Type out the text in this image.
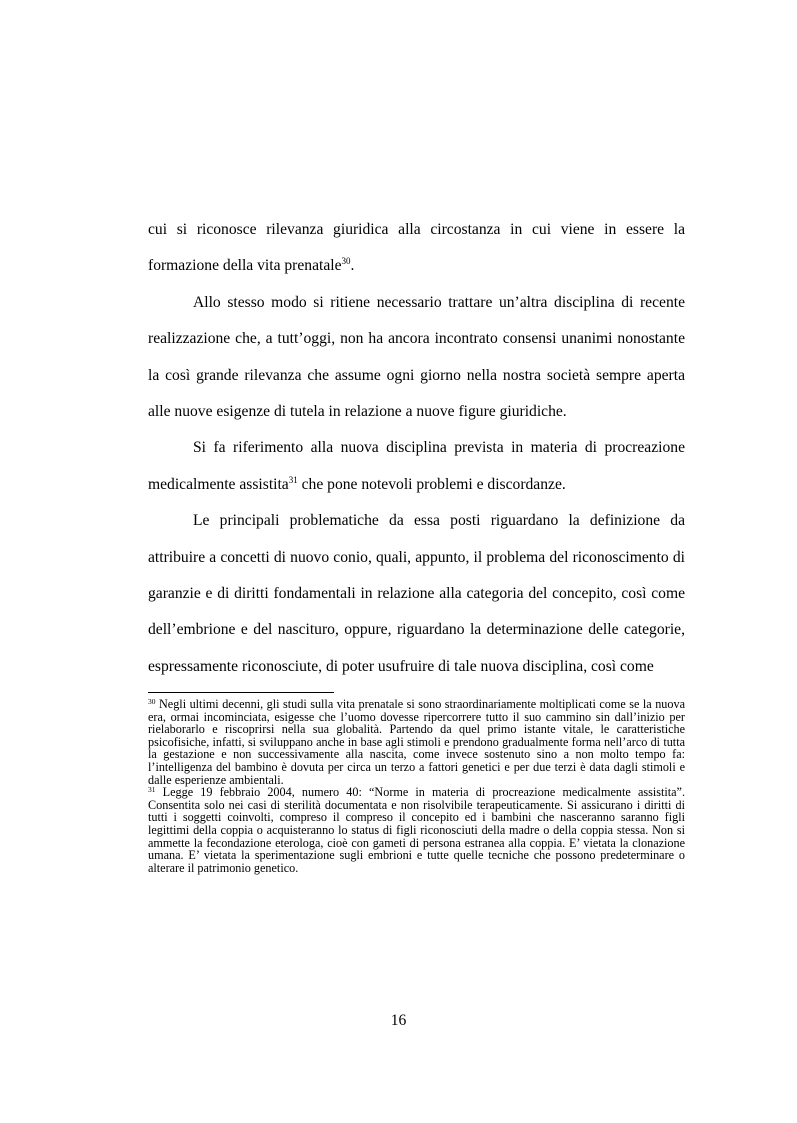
cui si riconosce rilevanza giuridica alla circostanza in cui viene in essere la formazione della vita prenatale$^{30}$.

Allo stesso modo si ritiene necessario trattare un’altra disciplina di recente realizzazione che, a tutt’oggi, non ha ancora incontrato consensi unanimi nonostante la così grande rilevanza che assume ogni giorno nella nostra società sempre aperta alle nuove esigenze di tutela in relazione a nuove figure giuridiche.

Si fa riferimento alla nuova disciplina prevista in materia di procreazione medicalmente assistita$^{31}$ che pone notevoli problemi e discordanze.

Le principali problematiche da essa posti riguardano la definizione da attribuire a concetti di nuovo conio, quali, appunto, il problema del riconoscimento di garanzie e di diritti fondamentali in relazione alla categoria del concepito, così come dell’embrione e del nascituro, oppure, riguardano la determinazione delle categorie, espressamente riconosciute, di poter usufruire di tale nuova disciplina, così come

$^{30}$ Negli ultimi decenni, gli studi sulla vita prenatale si sono straordinariamente moltiplicati come se la nuova era, ormai incominciata, esigesse che l’uomo dovesse ripercorrere tutto il suo cammino sin dall’inizio per rielaborarlo e riscoprirsi nella sua globalità. Partendo da quel primo istante vitale, le caratteristiche psicofisiche, infatti, si sviluppano anche in base agli stimoli e prendono gradualmente forma nell’arco di tutta la gestazione e non successivamente alla nascita, come invece sostenuto sino a non molto tempo fa: l’intelligenza del bambino è dovuta per circa un terzo a fattori genetici e per due terzi è data dagli stimoli e dalle esperienze ambientali.

$^{31}$ Legge 19 febbraio 2004, numero 40: “Norme in materia di procreazione medicalmente assistita”. Consentita solo nei casi di sterilità documentata e non risolvibile terapeuticamente. Si assicurano i diritti di tutti i soggetti coinvolti, compreso il compreso il concepito ed i bambini che nasceranno saranno figli legittimi della coppia o acquisteranno lo status di figli riconosciuti della madre o della coppia stessa. Non si ammette la fecondazione eterologa, cioè con gameti di persona estranea alla coppia. E’ vietata la clonazione umana. E’ vietata la sperimentazione sugli embrioni e tutte quelle tecniche che possono predeterminare o alterare il patrimonio genetico.

16
